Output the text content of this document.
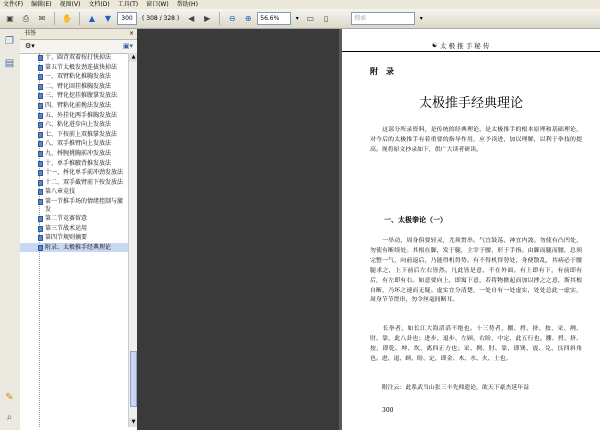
文件(F) 编辑(E) 视图(V) 文档(D) 工具(T) 窗口(W) 帮助(H)
▣	⎙	✉	✋	▲	▼	300	( 308 / 328 )	◀	▶	⊖	⊕	56.6%	▾ ▭	▯	搜索	▾
❐
▤
✎
⌕
书签	×
⚙▾	▣▾
十、圆背双着按打快掉法
第五节太极发劲连拔快掉法
一、双臂粘化推胸发放法
二、臂化回挂推胸发放法
三、臂化挖挂推腹掌发放法
四、臂粘化前挽法发放法
五、外挂化两手推胸发放法
六、粘化进步向上发放法
七、下按前上双推掌发放法
八、双手推臂向上发放法
九、捋腕挑胸前冲发放法
十、单手推腋背推发放法
十一、捋化单手前冲劲发放法
十二、双手截臂前下按发放法
第八章竞技
第一节推手场的情绪控制与激发
第二节竞赛留意
第三节战术运用
第四节规则摘要
附录、太极推手经典理论
▲
▼
☯ 太 极 推 手 秘 传
附　录
太极推手经典理论
　　这部分所录资料，是传统的经典理论，是太极推手的根本原理和基础理论，对今后的太极推手有着重要的指导作用，应予读进，加以理解，以利于拳技的提高。现将原文抄录如下，供广大读者研读。
一、太极拳论（一）
　　一举动，周身俱要轻灵，尤须贯串。气宜鼓荡，神宜内敛。勿使有凸凹处，勿使有断续处。其根在脚，发于腿，主宰于腰，形于手指。由脚而腿而腰，总须完整一气，向前退后，乃能得机得势。有不得机得势处，身便散乱，其病必于腰腿求之，上下前后左右皆然。凡此皆是意，不在外面。有上即有下，有前即有后，有左即有右。如意要向上，即寓下意，若将物掀起而加以挫之之意，斯其根自断，乃坏之速而无疑。虚实宜分清楚，一处自有一处虚实，处处总此一虚实，周身节节贯串，勿令丝毫间断耳。
　　长拳者，如长江大海滔滔不绝也。十三势者，掤、捋、挤、按、采、挒、肘、靠，此八卦也；进步、退步、左顾、右盼、中定，此五行也。掤、捋、挤、按，即乾、坤、坎、离四正方也；采、挒、肘、靠，即巽、震、兑、艮四斜角也。进、退、顾、盼、定，即金、木、水、火、土也。
　　附注云：此系武当山张三丰先师遗论，欲天下豪杰延年益
300
